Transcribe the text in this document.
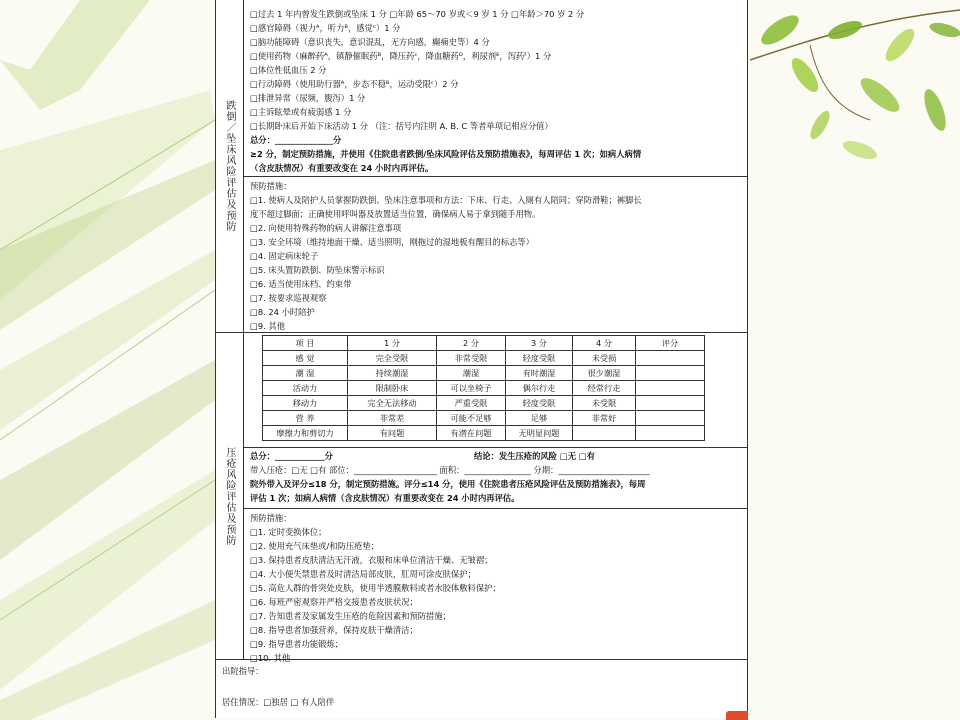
跌倒／坠床风险评估及预防
□过去 1 年内曾发生跌倒或坠床 1 分 □年龄 65～70 岁或＜9 岁 1 分 □年龄＞70 岁 2 分
□感官障碍（视力ᴬ，听力ᴮ，感觉ᶜ）1 分
□脑功能障碍（意识丧失，意识混乱，无方向感，癫痫史等）4 分
□使用药物（麻醉药ᴬ，镇静催眠药ᴮ，降压药ᶜ，降血糖药ᴰ，利尿剂ᴱ，泻药ᶠ）1 分
□体位性低血压 2 分
□行动障碍（使用助行器ᴬ，步态不稳ᴮ，运动受限ᶜ）2 分
□排泄异常（尿频，腹泻）1 分
□主诉眩晕或有疲弱感 1 分
□长期卧床后开始下床活动 1 分 （注：括号内注明 A. B. C 等者单项记相应分值）
总分：______________分
≥2 分，制定预防措施，并使用《住院患者跌倒/坠床风险评估及预防措施表》，每周评估 1 次；如病人病情
（含皮肤情况）有重要改变在 24 小时内再评估。
预防措施：
□1. 使病人及陪护人员掌握防跌倒、坠床注意事项和方法：下床、行走、入厕有人陪同；穿防滑鞋；裤脚长
度不超过脚面；正确使用呼叫器及放置适当位置，确保病人易于拿到随手用物。
□2. 向使用特殊药物的病人讲解注意事项
□3. 安全环境（维持地面干燥、适当照明，刚拖过的湿地板有醒目的标志等）
□4. 固定病床轮子
□5. 床头置防跌倒、防坠床警示标识
□6. 适当使用床档、约束带
□7. 按要求巡视观察
□8. 24 小时陪护
□9. 其他
压疮风险评估及预防
项 目	1 分	2 分	3 分	4 分	评分	
感 觉	完全受限	非常受限	轻度受限	未受损		
潮 湿	持续潮湿	潮湿	有时潮湿	很少潮湿		
活动力	限制卧床	可以坐椅子	偶尔行走	经常行走		
移动力	完全无法移动	严重受限	轻度受限	未受限		
营 养	非常差	可能不足够	足够	非常好		
摩擦力和剪切力	有问题	有潜在问题	无明显问题			
总分：____________分	结论：发生压疮的风险 □无 □有
带入压疮：□无 □有 部位：____________________ 面积：________________ 分期：______________________
院外带入及评分≤18 分，制定预防措施。评分≤14 分，使用《住院患者压疮风险评估及预防措施表》，每周
评估 1 次；如病人病情（含皮肤情况）有重要改变在 24 小时内再评估。
预防措施：
□1. 定时变换体位；
□2. 使用充气床垫或/和防压疮垫；
□3. 保持患者皮肤清洁无汗液，衣服和床单位清洁干燥、无皱褶；
□4. 大小便失禁患者及时清洁局部皮肤，肛周可涂皮肤保护；
□5. 高危人群的骨突处皮肤，使用半透膜敷料或者水胶体敷料保护；
□6. 每班严密观察并严格交接患者皮肤状况；
□7. 告知患者及家属发生压疮的危险因素和预防措施；
□8. 指导患者加强营养，保持皮肤干燥清洁；
□9. 指导患者功能锻炼；
□10. 其他
出院指导：
居住情况：□独居 □ 有人陪伴
